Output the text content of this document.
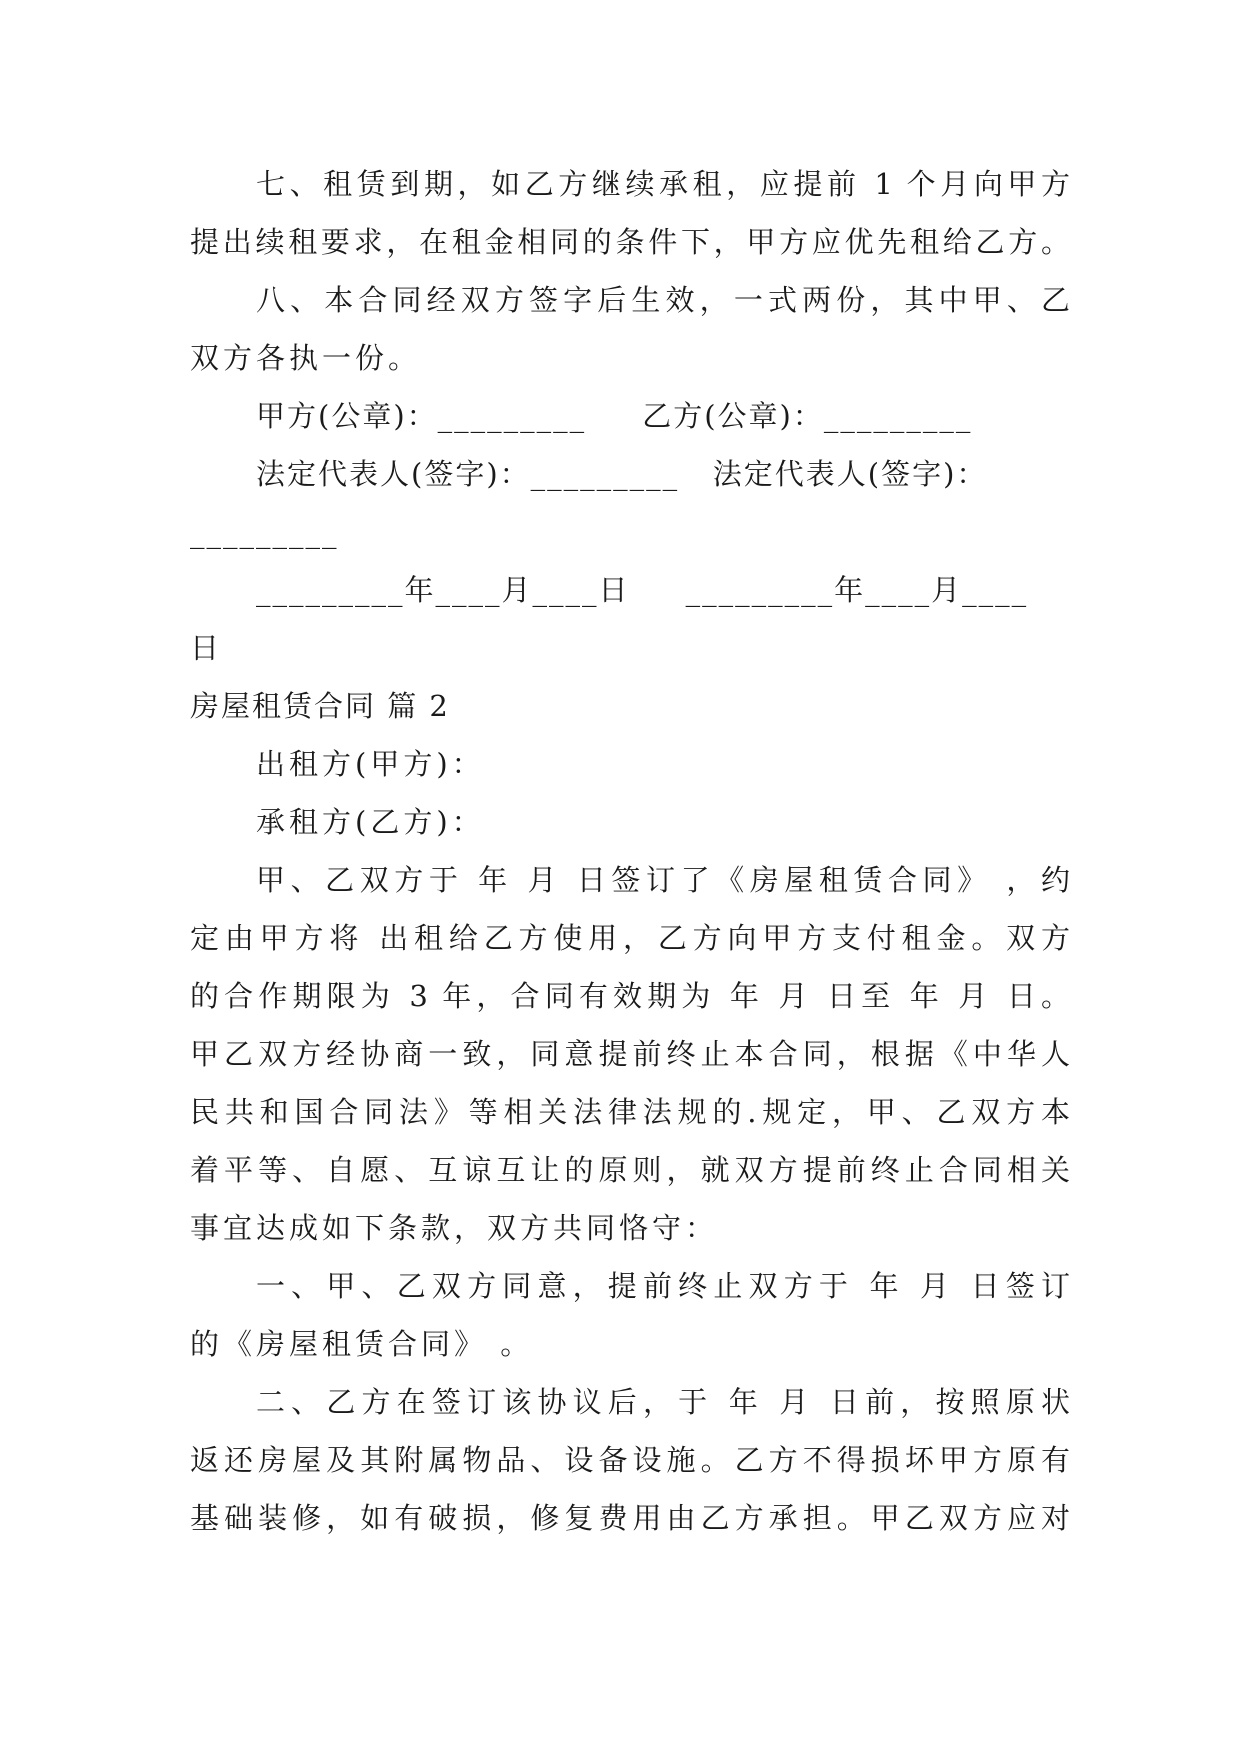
七、租赁到期，如乙方继续承租，应提前 1 个月向甲方
提出续租要求，在租金相同的条件下，甲方应优先租给乙方。
八、本合同经双方签字后生效，一式两份，其中甲、乙
双方各执一份。
甲方(公章)：_________     乙方(公章)：_________
法定代表人(签字)：_________   法定代表人(签字)：
_________
_________年____月____日     _________年____月____
日
房屋租赁合同 篇 2
出租方(甲方)：
承租方(乙方)：
甲、乙双方于 年 月 日签订了《房屋租赁合同》 ，约
定由甲方将 出租给乙方使用，乙方向甲方支付租金。双方
的合作期限为 3 年，合同有效期为 年 月 日至 年 月 日。
甲乙双方经协商一致，同意提前终止本合同，根据《中华人
民共和国合同法》等相关法律法规的.规定，甲、乙双方本
着平等、自愿、互谅互让的原则，就双方提前终止合同相关
事宜达成如下条款，双方共同恪守：
一、甲、乙双方同意，提前终止双方于 年 月 日签订
的《房屋租赁合同》 。
二、乙方在签订该协议后，于 年 月 日前，按照原状
返还房屋及其附属物品、设备设施。乙方不得损坏甲方原有
基础装修，如有破损，修复费用由乙方承担。甲乙双方应对
